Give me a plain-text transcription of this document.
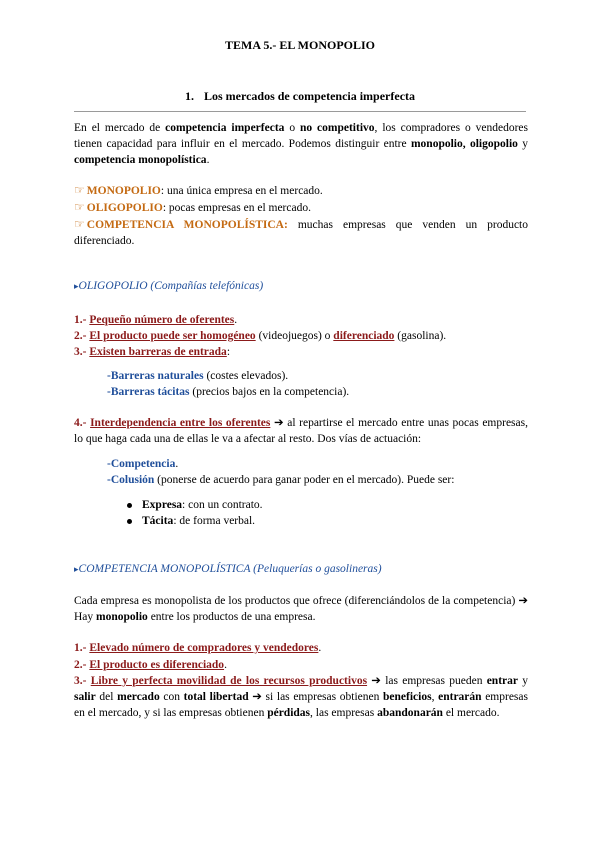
TEMA 5.- EL MONOPOLIO
1. Los mercados de competencia imperfecta
En el mercado de competencia imperfecta o no competitivo, los compradores o vendedores tienen capacidad para influir en el mercado. Podemos distinguir entre monopolio, oligopolio y competencia monopolística.
☞ MONOPOLIO: una única empresa en el mercado.
☞ OLIGOPOLIO: pocas empresas en el mercado.
☞ COMPETENCIA MONOPOLÍSTICA: muchas empresas que venden un producto diferenciado.
▸OLIGOPOLIO (Compañías telefónicas)
1.- Pequeño número de oferentes.
2.- El producto puede ser homogéneo (videojuegos) o diferenciado (gasolina).
3.- Existen barreras de entrada:
-Barreras naturales (costes elevados).
-Barreras tácitas (precios bajos en la competencia).
4.- Interdependencia entre los oferentes ➔ al repartirse el mercado entre unas pocas empresas, lo que haga cada una de ellas le va a afectar al resto. Dos vías de actuación:
-Competencia.
-Colusión (ponerse de acuerdo para ganar poder en el mercado). Puede ser:
Expresa: con un contrato.
Tácita: de forma verbal.
▸COMPETENCIA MONOPOLÍSTICA (Peluquerías o gasolineras)
Cada empresa es monopolista de los productos que ofrece (diferenciándolos de la competencia) ➔ Hay monopolio entre los productos de una empresa.
1.- Elevado número de compradores y vendedores.
2.- El producto es diferenciado.
3.- Libre y perfecta movilidad de los recursos productivos ➔ las empresas pueden entrar y salir del mercado con total libertad ➔ si las empresas obtienen beneficios, entrarán empresas en el mercado, y si las empresas obtienen pérdidas, las empresas abandonarán el mercado.
